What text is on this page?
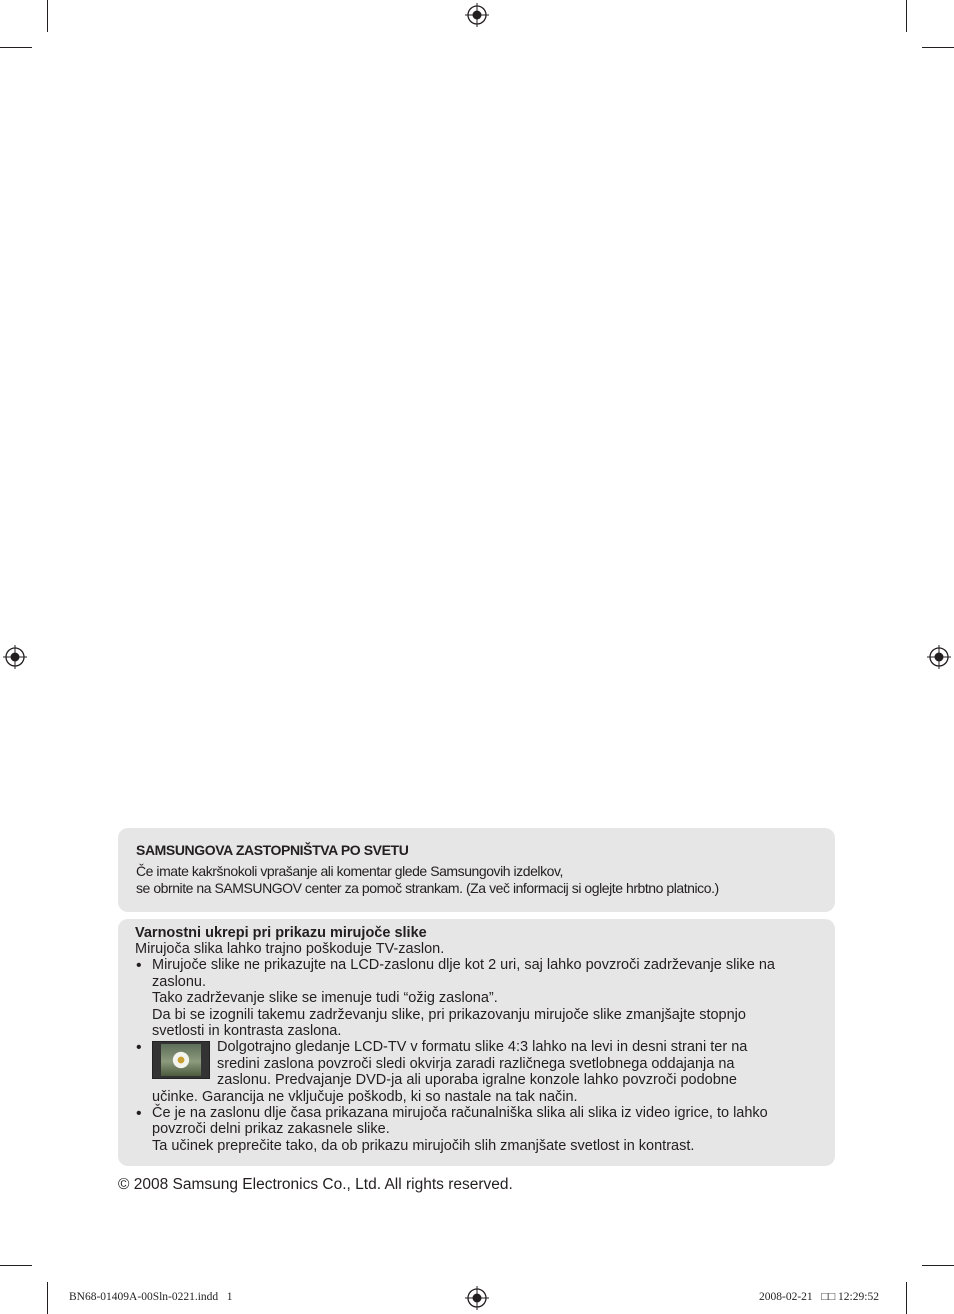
SAMSUNGOVA ZASTOPNIŠTVA PO SVETU
Če imate kakršnokoli vprašanje ali komentar glede Samsungovih izdelkov,
se obrnite na SAMSUNGOV center za pomoč strankam. (Za več informacij si oglejte hrbtno platnico.)
Varnostni ukrepi pri prikazu mirujoče slike
Mirujoča slika lahko trajno poškoduje TV-zaslon.
• Mirujoče slike ne prikazujte na LCD-zaslonu dlje kot 2 uri, saj lahko povzroči zadrževanje slike na
zaslonu.
Tako zadrževanje slike se imenuje tudi “ožig zaslona”.
Da bi se izognili takemu zadrževanju slike, pri prikazovanju mirujoče slike zmanjšajte stopnjo
svetlosti in kontrasta zaslona.
•	Dolgotrajno gledanje LCD-TV v formatu slike 4:3 lahko na levi in desni strani ter na
sredini zaslona povzroči sledi okvirja zaradi različnega svetlobnega oddajanja na
zaslonu. Predvajanje DVD-ja ali uporaba igralne konzole lahko povzroči podobne
učinke. Garancija ne vključuje poškodb, ki so nastale na tak način.
• Če je na zaslonu dlje časa prikazana mirujoča računalniška slika ali slika iz video igrice, to lahko
povzroči delni prikaz zakasnele slike.
Ta učinek preprečite tako, da ob prikazu mirujočih slih zmanjšate svetlost in kontrast.
© 2008 Samsung Electronics Co., Ltd. All rights reserved.
BN68-01409A-00Sln-0221.indd   1	2008-02-21   □□ 12:29:52
